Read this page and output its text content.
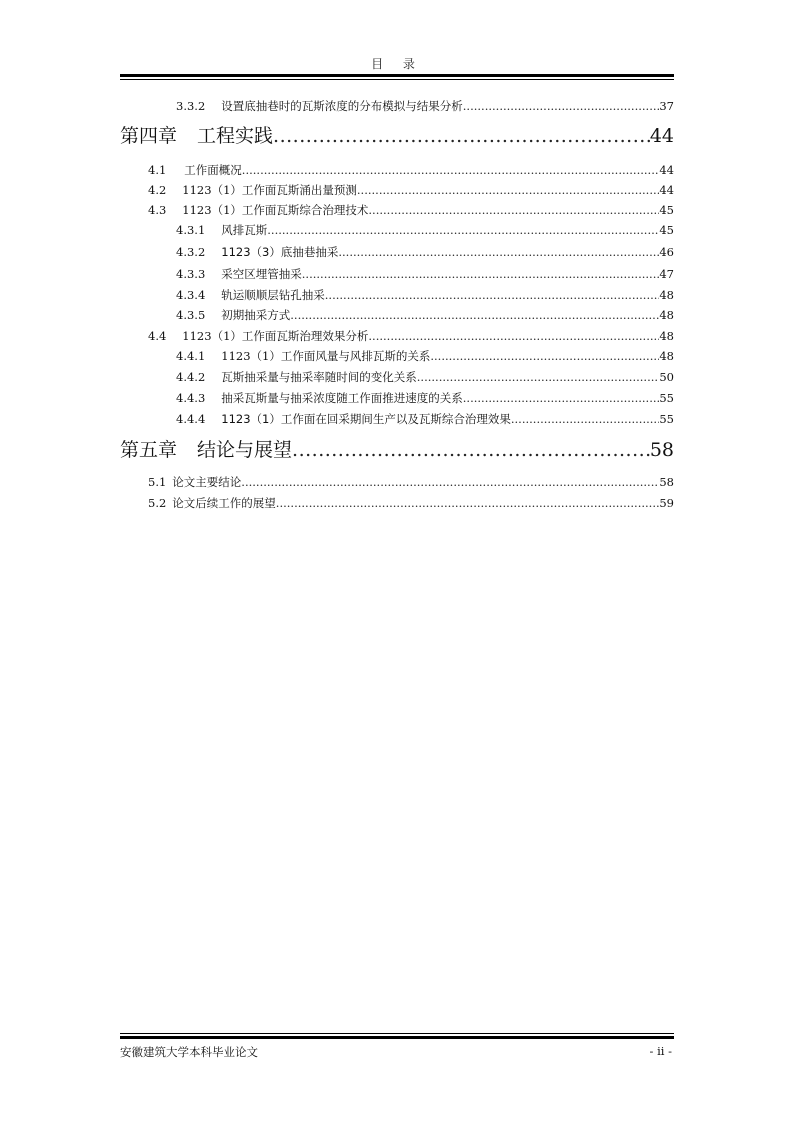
目 录
3.3.2 设置底抽巷时的瓦斯浓度的分布模拟与结果分析 .....	37
第四章 工程实践 .....	44
4.1 工作面概况 .....	44
4.2 1123（1）工作面瓦斯涌出量预测 .....	44
4.3 1123（1）工作面瓦斯综合治理技术 .....	45
4.3.1 风排瓦斯 .....	45
4.3.2 1123（3）底抽巷抽采 .....	46
4.3.3 采空区埋管抽采 .....	47
4.3.4 轨运顺顺层钻孔抽采 .....	48
4.3.5 初期抽采方式 .....	48
4.4 1123（1）工作面瓦斯治理效果分析 .....	48
4.4.1 1123（1）工作面风量与风排瓦斯的关系 .....	48
4.4.2 瓦斯抽采量与抽采率随时间的变化关系 .....	50
4.4.3 抽采瓦斯量与抽采浓度随工作面推进速度的关系 .....	55
4.4.4 1123（1）工作面在回采期间生产以及瓦斯综合治理效果 .....	55
第五章 结论与展望 .....	58
5.1 论文主要结论 .....	58
5.2 论文后续工作的展望 .....	59
安徽建筑大学本科毕业论文	- ii -
